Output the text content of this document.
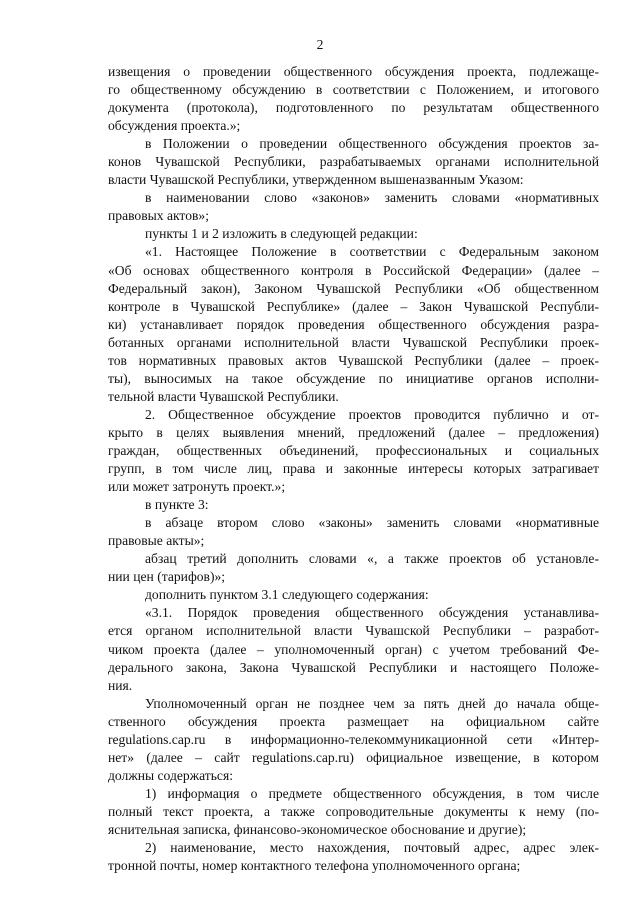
2
извещения о проведении общественного обсуждения проекта, подлежаще-
го общественному обсуждению в соответствии с Положением, и итогового
документа (протокола), подготовленного по результатам общественного
обсуждения проекта.»;
в Положении о проведении общественного обсуждения проектов за-
конов Чувашской Республики, разрабатываемых органами исполнительной
власти Чувашской Республики, утвержденном вышеназванным Указом:
в наименовании слово «законов» заменить словами «нормативных
правовых актов»;
пункты 1 и 2 изложить в следующей редакции:
«1. Настоящее Положение в соответствии с Федеральным законом
«Об основах общественного контроля в Российской Федерации» (далее –
Федеральный закон), Законом Чувашской Республики «Об общественном
контроле в Чувашской Республике» (далее – Закон Чувашской Республи-
ки) устанавливает порядок проведения общественного обсуждения разра-
ботанных органами исполнительной власти Чувашской Республики проек-
тов нормативных правовых актов Чувашской Республики (далее – проек-
ты), выносимых на такое обсуждение по инициативе органов исполни-
тельной власти Чувашской Республики.
2. Общественное обсуждение проектов проводится публично и от-
крыто в целях выявления мнений, предложений (далее – предложения)
граждан, общественных объединений, профессиональных и социальных
групп, в том числе лиц, права и законные интересы которых затрагивает
или может затронуть проект.»;
в пункте 3:
в абзаце втором слово «законы» заменить словами «нормативные
правовые акты»;
абзац третий дополнить словами «, а также проектов об установле-
нии цен (тарифов)»;
дополнить пунктом 3.1 следующего содержания:
«3.1. Порядок проведения общественного обсуждения устанавлива-
ется органом исполнительной власти Чувашской Республики – разработ-
чиком проекта (далее – уполномоченный орган) с учетом требований Фе-
дерального закона, Закона Чувашской Республики и настоящего Положе-
ния.
Уполномоченный орган не позднее чем за пять дней до начала обще-
ственного обсуждения проекта размещает на официальном сайте
regulations.cap.ru в информационно-телекоммуникационной сети «Интер-
нет» (далее – сайт regulations.cap.ru) официальное извещение, в котором
должны содержаться:
1) информация о предмете общественного обсуждения, в том числе
полный текст проекта, а также сопроводительные документы к нему (по-
яснительная записка, финансово-экономическое обоснование и другие);
2) наименование, место нахождения, почтовый адрес, адрес элек-
тронной почты, номер контактного телефона уполномоченного органа;
